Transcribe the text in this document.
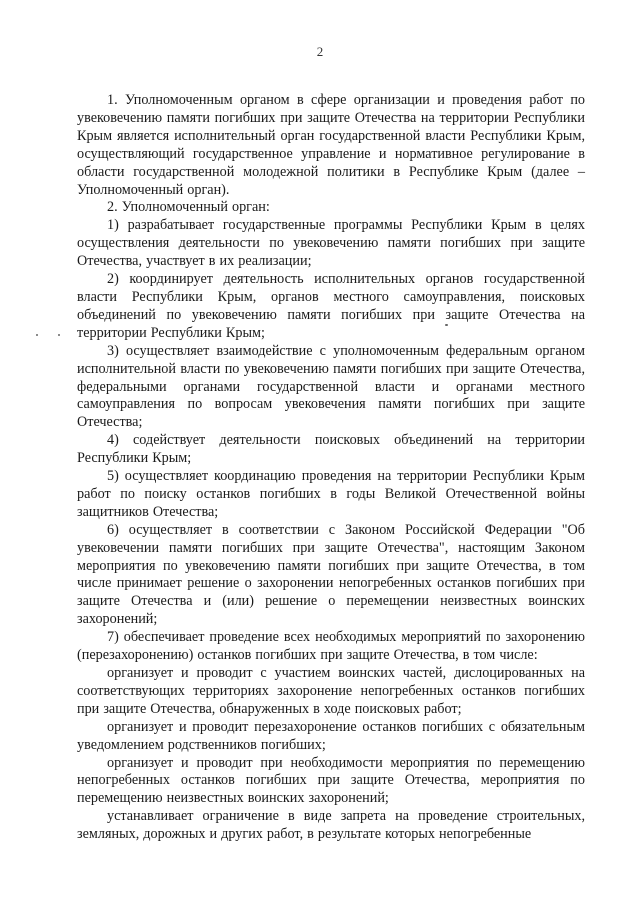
2

1. Уполномоченным органом в сфере организации и проведения работ по увековечению памяти погибших при защите Отечества на территории Республики Крым является исполнительный орган государственной власти Республики Крым, осуществляющий государственное управление и нормативное регулирование в области государственной молодежной политики в Республике Крым (далее – Уполномоченный орган).

2. Уполномоченный орган:

1) разрабатывает государственные программы Республики Крым в целях осуществления деятельности по увековечению памяти погибших при защите Отечества, участвует в их реализации;

2) координирует деятельность исполнительных органов государственной власти Республики Крым, органов местного самоуправления, поисковых объединений по увековечению памяти погибших при защите Отечества на территории Республики Крым;

3) осуществляет взаимодействие с уполномоченным федеральным органом исполнительной власти по увековечению памяти погибших при защите Отечества, федеральными органами государственной власти и органами местного самоуправления по вопросам увековечения памяти погибших при защите Отечества;

4) содействует деятельности поисковых объединений на территории Республики Крым;

5) осуществляет координацию проведения на территории Республики Крым работ по поиску останков погибших в годы Великой Отечественной войны защитников Отечества;

6) осуществляет в соответствии с Законом Российской Федерации "Об увековечении памяти погибших при защите Отечества", настоящим Законом мероприятия по увековечению памяти погибших при защите Отечества, в том числе принимает решение о захоронении непогребенных останков погибших при защите Отечества и (или) решение о перемещении неизвестных воинских захоронений;

7) обеспечивает проведение всех необходимых мероприятий по захоронению (перезахоронению) останков погибших при защите Отечества, в том числе:

организует и проводит с участием воинских частей, дислоцированных на соответствующих территориях захоронение непогребенных останков погибших при защите Отечества, обнаруженных в ходе поисковых работ;

организует и проводит перезахоронение останков погибших с обязательным уведомлением родственников погибших;

организует и проводит при необходимости мероприятия по перемещению непогребенных останков погибших при защите Отечества, мероприятия по перемещению неизвестных воинских захоронений;

устанавливает ограничение в виде запрета на проведение строительных, земляных, дорожных и других работ, в результате которых непогребенные
